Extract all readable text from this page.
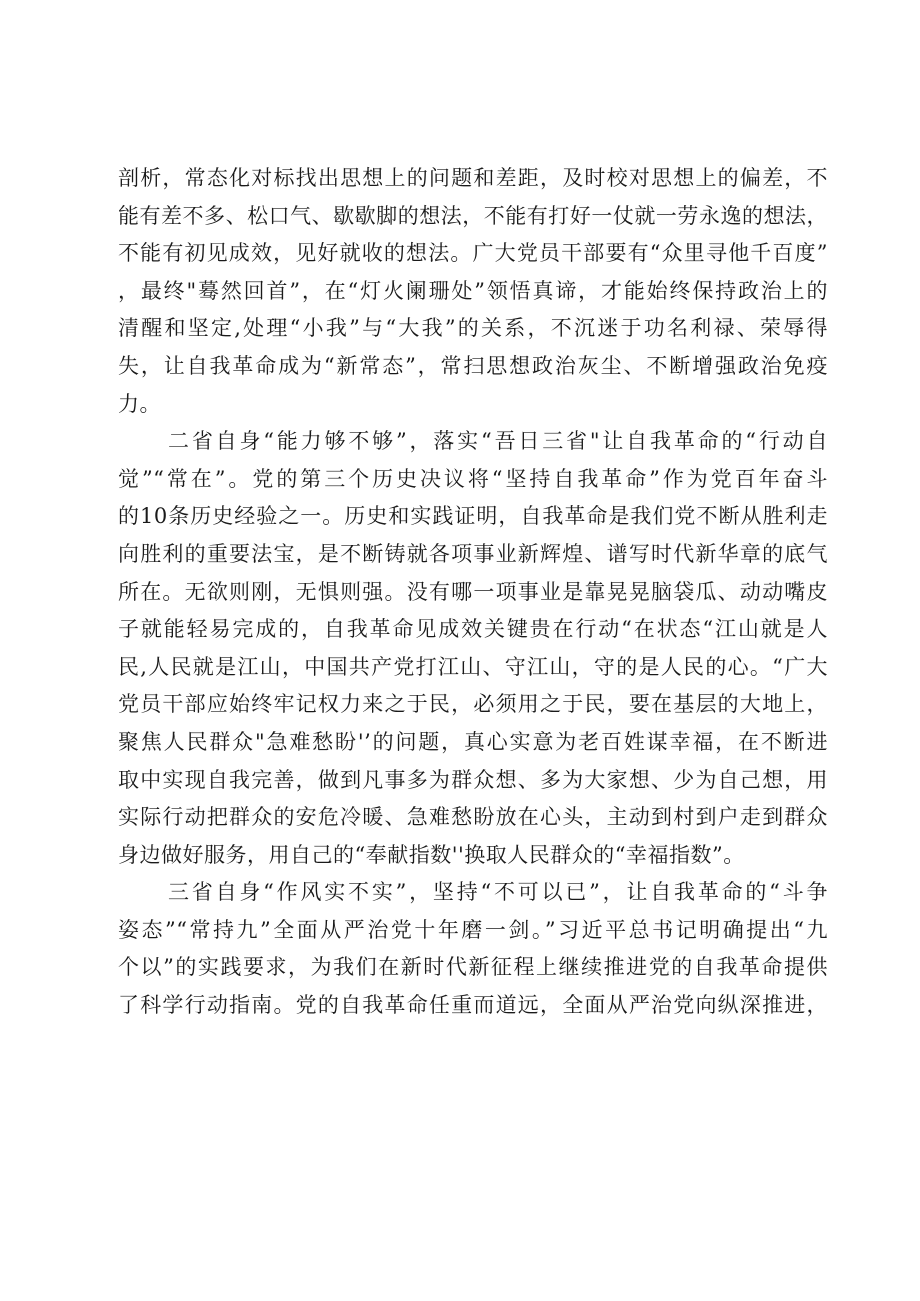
剖析，常态化对标找出思想上的问题和差距，及时校对思想上的偏差，不
能有差不多、松口气、歇歇脚的想法，不能有打好一仗就一劳永逸的想法，
不能有初见成效，见好就收的想法。广大党员干部要有“众里寻他千百度”
，最终"蓦然回首”，在“灯火阑珊处”领悟真谛，才能始终保持政治上的
清醒和坚定,处理“小我”与“大我”的关系，不沉迷于功名利禄、荣辱得
失，让自我革命成为“新常态”，常扫思想政治灰尘、不断增强政治免疫
力。
二省自身“能力够不够”，落实“吾日三省"让自我革命的“行动自
觉”“常在”。党的第三个历史决议将“坚持自我革命”作为党百年奋斗
的10条历史经验之一。历史和实践证明，自我革命是我们党不断从胜利走
向胜利的重要法宝，是不断铸就各项事业新辉煌、谱写时代新华章的底气
所在。无欲则刚，无惧则强。没有哪一项事业是靠晃晃脑袋瓜、动动嘴皮
子就能轻易完成的，自我革命见成效关键贵在行动“在状态“江山就是人
民,人民就是江山，中国共产党打江山、守江山，守的是人民的心。“广大
党员干部应始终牢记权力来之于民，必须用之于民，要在基层的大地上，
聚焦人民群众"急难愁盼'’的问题，真心实意为老百姓谋幸福，在不断进
取中实现自我完善，做到凡事多为群众想、多为大家想、少为自己想，用
实际行动把群众的安危冷暖、急难愁盼放在心头，主动到村到户走到群众
身边做好服务，用自己的“奉献指数''换取人民群众的“幸福指数”。
三省自身“作风实不实”，坚持“不可以已”，让自我革命的“斗争
姿态”“常持九”全面从严治党十年磨一剑。”习近平总书记明确提出“九
个以”的实践要求，为我们在新时代新征程上继续推进党的自我革命提供
了科学行动指南。党的自我革命任重而道远，全面从严治党向纵深推进，
